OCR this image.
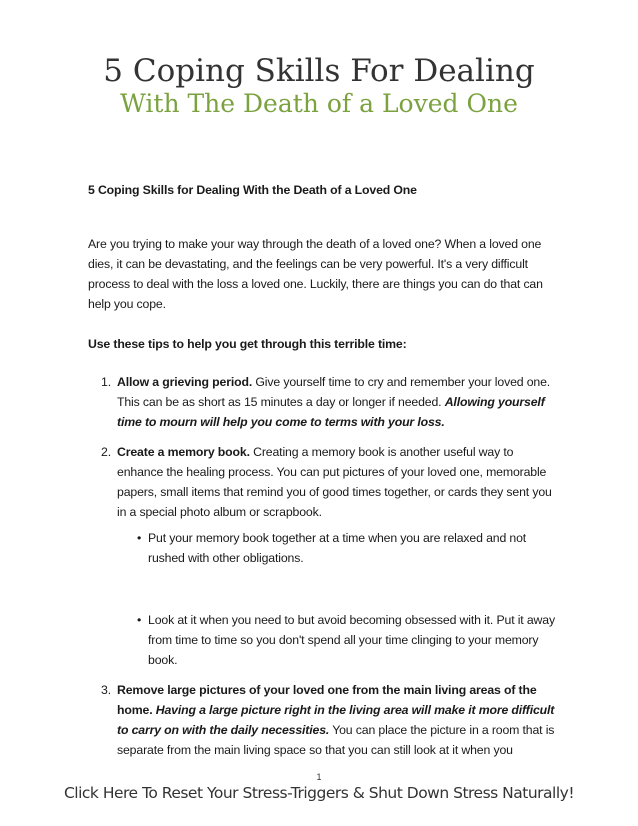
5 Coping Skills For Dealing
With The Death of a Loved One

5 Coping Skills for Dealing With the Death of a Loved One

Are you trying to make your way through the death of a loved one? When a loved one dies, it can be devastating, and the feelings can be very powerful. It's a very difficult process to deal with the loss a loved one. Luckily, there are things you can do that can help you cope.

Use these tips to help you get through this terrible time:

1. Allow a grieving period. Give yourself time to cry and remember your loved one. This can be as short as 15 minutes a day or longer if needed. Allowing yourself time to mourn will help you come to terms with your loss.
2. Create a memory book. Creating a memory book is another useful way to enhance the healing process. You can put pictures of your loved one, memorable papers, small items that remind you of good times together, or cards they sent you in a special photo album or scrapbook.
• Put your memory book together at a time when you are relaxed and not rushed with other obligations.
• Look at it when you need to but avoid becoming obsessed with it. Put it away from time to time so you don't spend all your time clinging to your memory book.
3. Remove large pictures of your loved one from the main living areas of the home. Having a large picture right in the living area will make it more difficult to carry on with the daily necessities. You can place the picture in a room that is separate from the main living space so that you can still look at it when you
1
Click Here To Reset Your Stress-Triggers & Shut Down Stress Naturally!
